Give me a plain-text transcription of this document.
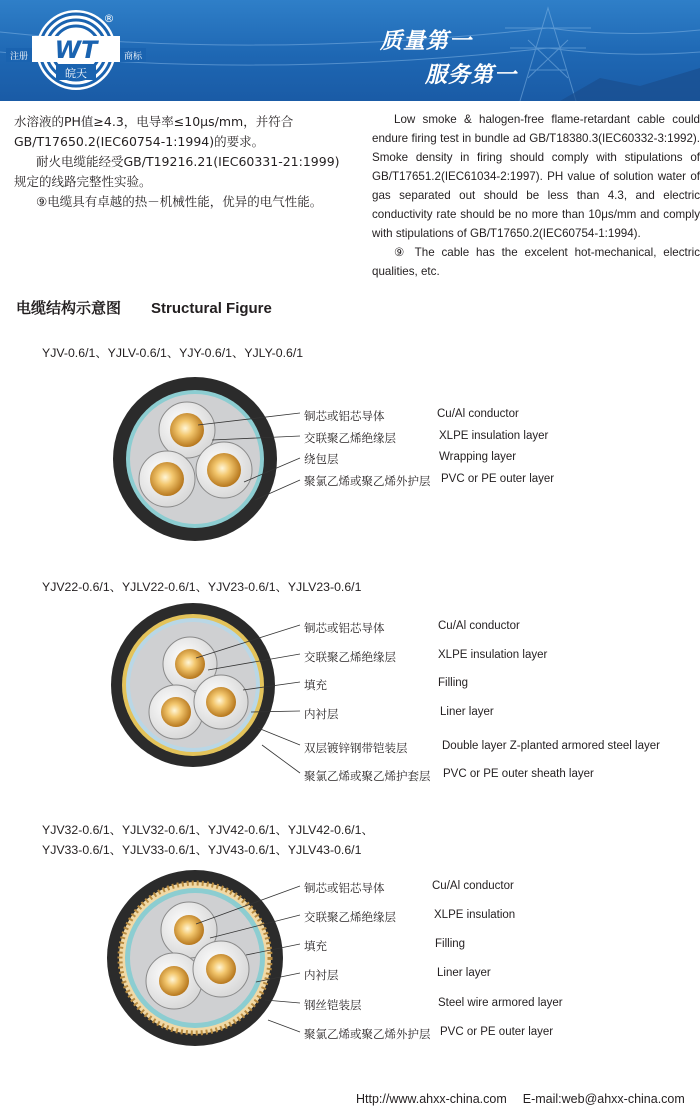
WT
皖天
注册	商标
®
质量第一
服务第一

水溶液的PH值≥4.3，电导率≤10μs/mm，并符合GB/T17650.2(IEC60754-1:1994)的要求。

耐火电缆能经受GB/T19216.21(IEC60331-21:1999)规定的线路完整性实验。

⑨电缆具有卓越的热－机械性能，优异的电气性能。

Low smoke & halogen-free flame-retardant cable could endure firing test in bundle ad GB/T18380.3(IEC60332-3:1992). Smoke density in firing should comply with stipulations of GB/T17651.2(IEC61034-2:1997). PH value of solution water of gas separated out should be less than 4.3, and electric conductivity rate should be no more than 10μs/mm and comply with stipulations of GB/T17650.2(IEC60754-1:1994).

⑨ The cable has the excelent hot-mechanical, electric qualities, etc.

电缆结构示意图 Structural Figure
YJV-0.6/1、YJLV-0.6/1、YJY-0.6/1、YJLY-0.6/1
YJV22-0.6/1、YJLV22-0.6/1、YJV23-0.6/1、YJLV23-0.6/1
YJV32-0.6/1、YJLV32-0.6/1、YJV42-0.6/1、YJLV42-0.6/1、
YJV33-0.6/1、YJLV33-0.6/1、YJV43-0.6/1、YJLV43-0.6/1
铜芯或铝芯导体	Cu/Al conductor
交联聚乙烯绝缘层	XLPE insulation layer
绕包层	Wrapping layer
聚氯乙烯或聚乙烯外护层 PVC or PE outer layer
铜芯或铝芯导体	Cu/Al conductor
交联聚乙烯绝缘层	XLPE insulation layer
填充	Filling
内衬层	Liner layer
双层镀锌钢带铠装层	Double layer Z-planted armored steel layer
聚氯乙烯或聚乙烯护套层 PVC or PE outer sheath layer
铜芯或铝芯导体	Cu/Al conductor
交联聚乙烯绝缘层	XLPE insulation
填充	Filling
内衬层	Liner layer
钢丝铠装层	Steel wire armored layer
聚氯乙烯或聚乙烯外护层 PVC or PE outer layer
Http://www.ahxx-china.com E-mail:web@ahxx-china.com
